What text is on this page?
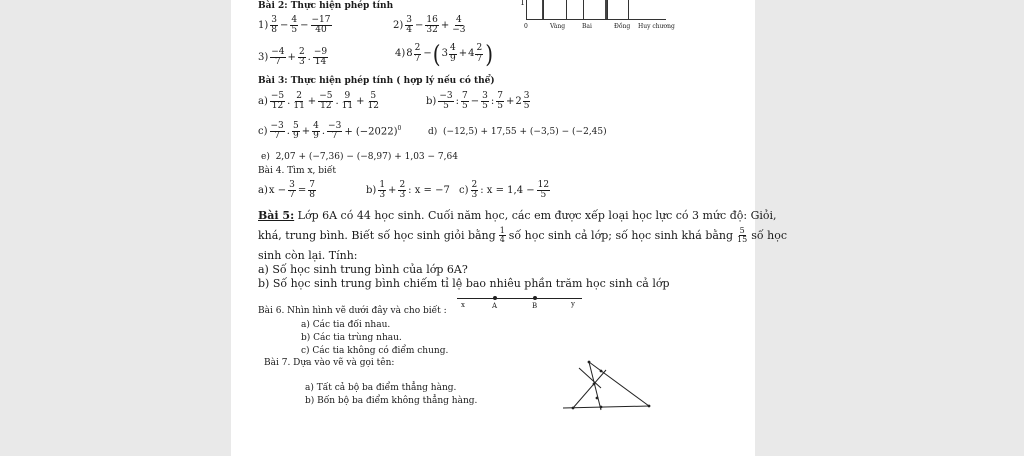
Bài 2: Thực hiện phép tính
$1) \frac{3}{8} - \frac{4}{5} - \frac{-17}{40}$	$2) \frac{3}{4} - \frac{16}{32} + \frac{4}{-3}$
$3) \frac{-4}{7} + \frac{2}{3}$ . $\frac{-9}{14}$	4) $8 \frac{2}{7}$ − ( $3 \frac{4}{9} + 4 \frac{2}{7}$ )
1
0	Vàng	Bai	Đồng Huy chương
Bài 3: Thực hiện phép tính ( hợp lý nếu có thể)
$a) \frac{-5}{12}$ . $\frac{2}{11} + \frac{-5}{12}$ . $\frac{9}{11} + \frac{5}{12}$	$b) \frac{-3}{5}$ : $\frac{7}{5} - \frac{3}{5}$ : $\frac{7}{5} + 2 \frac{3}{5}$
$c) \frac{-3}{7}$ . $\frac{5}{9} + \frac{4}{9}$ . $\frac{-3}{7} + (-2022)^0$	d) (−12,5) + 17,55 + (−3,5) − (−2,45)
e) 2,07 + (−7,36) − (−8,97) + 1,03 − 7,64
Bài 4. Tìm x, biết
a) $x - \frac{3}{7} = \frac{7}{8}$	$b) \frac{1}{3} + \frac{2}{3}$ : x = −7 $c) \frac{2}{3}$ : $x = 1,4 - \frac{12}{5}$
Bài 5: Lớp 6A có 44 học sinh. Cuối năm học, các em được xếp loại học lực có 3 mức độ: Giỏi,
khá, trung bình. Biết số học sinh giỏi bằng $\frac{1}{4}$ số học sinh cả lớp; số học sinh khá bằng $\frac{5}{15}$ số học
sinh còn lại. Tính:
a) Số học sinh trung bình của lớp 6A?
b) Số học sinh trung bình chiếm tỉ lệ bao nhiêu phần trăm học sinh cả lớp
Bài 6. Nhìn hình vẽ dưới đây và cho biết :
x	A	B	y
a) Các tia đối nhau.
b) Các tia trùng nhau.
c) Các tia không có điểm chung.
Bài 7. Dựa vào vẽ và gọi tên:
a) Tất cả bộ ba điểm thẳng hàng.
b) Bốn bộ ba điểm không thẳng hàng.
